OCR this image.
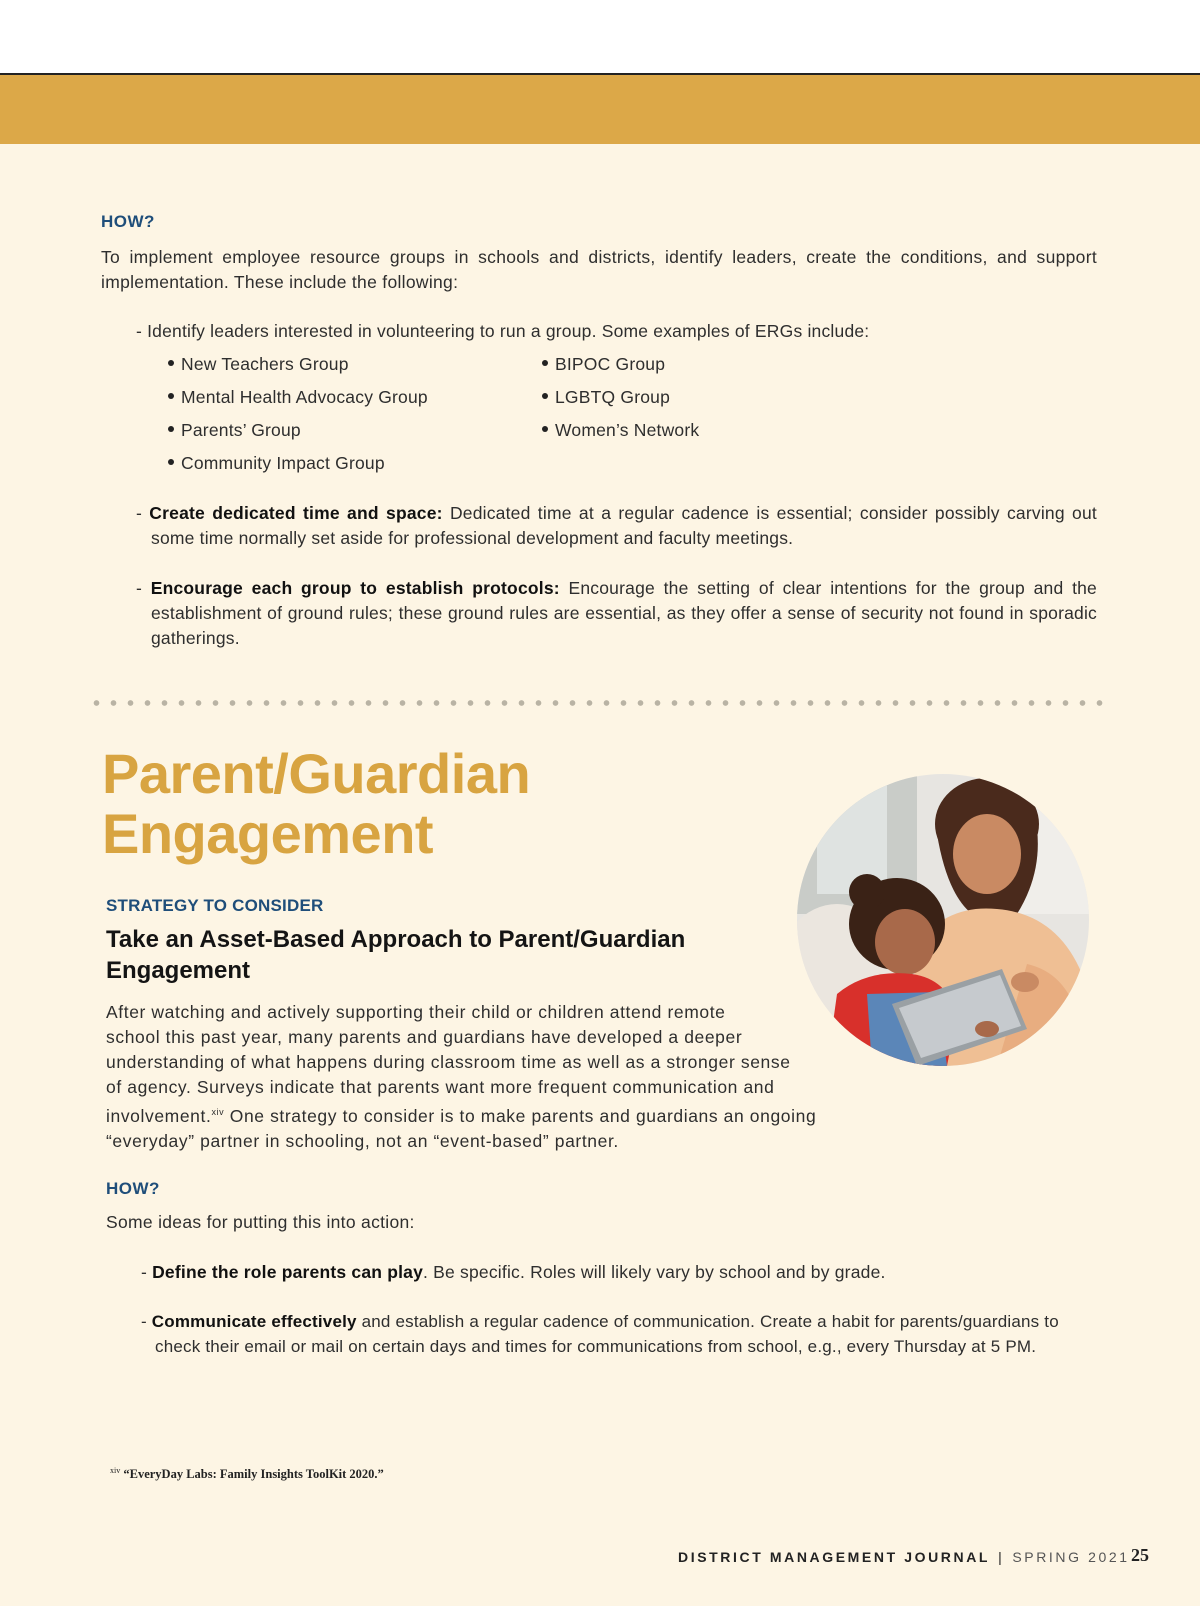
HOW?
To implement employee resource groups in schools and districts, identify leaders, create the conditions, and support implementation. These include the following:
- Identify leaders interested in volunteering to run a group. Some examples of ERGs include:
New Teachers Group
Mental Health Advocacy Group
Parents’ Group
Community Impact Group
BIPOC Group
LGBTQ Group
Women’s Network
- Create dedicated time and space: Dedicated time at a regular cadence is essential; consider possibly carving out some time normally set aside for professional development and faculty meetings.
- Encourage each group to establish protocols: Encourage the setting of clear intentions for the group and the establishment of ground rules; these ground rules are essential, as they offer a sense of security not found in sporadic gatherings.
Parent/Guardian
Engagement
STRATEGY TO CONSIDER
Take an Asset-Based Approach to Parent/Guardian Engagement
After watching and actively supporting their child or children attend remote
school this past year, many parents and guardians have developed a deeper
understanding of what happens during classroom time as well as a stronger sense
of agency. Surveys indicate that parents want more frequent communication and
involvement.$^{xiv}$ One strategy to consider is to make parents and guardians an ongoing
“everyday” partner in schooling, not an “event-based” partner.
HOW?
Some ideas for putting this into action:
- Define the role parents can play. Be specific. Roles will likely vary by school and by grade.
- Communicate effectively and establish a regular cadence of communication. Create a habit for parents/guardians to check their email or mail on certain days and times for communications from school, e.g., every Thursday at 5 PM.
$^{xiv}$ “EveryDay Labs: Family Insights ToolKit 2020.”
DISTRICT MANAGEMENT JOURNAL | SPRING 2021 25
